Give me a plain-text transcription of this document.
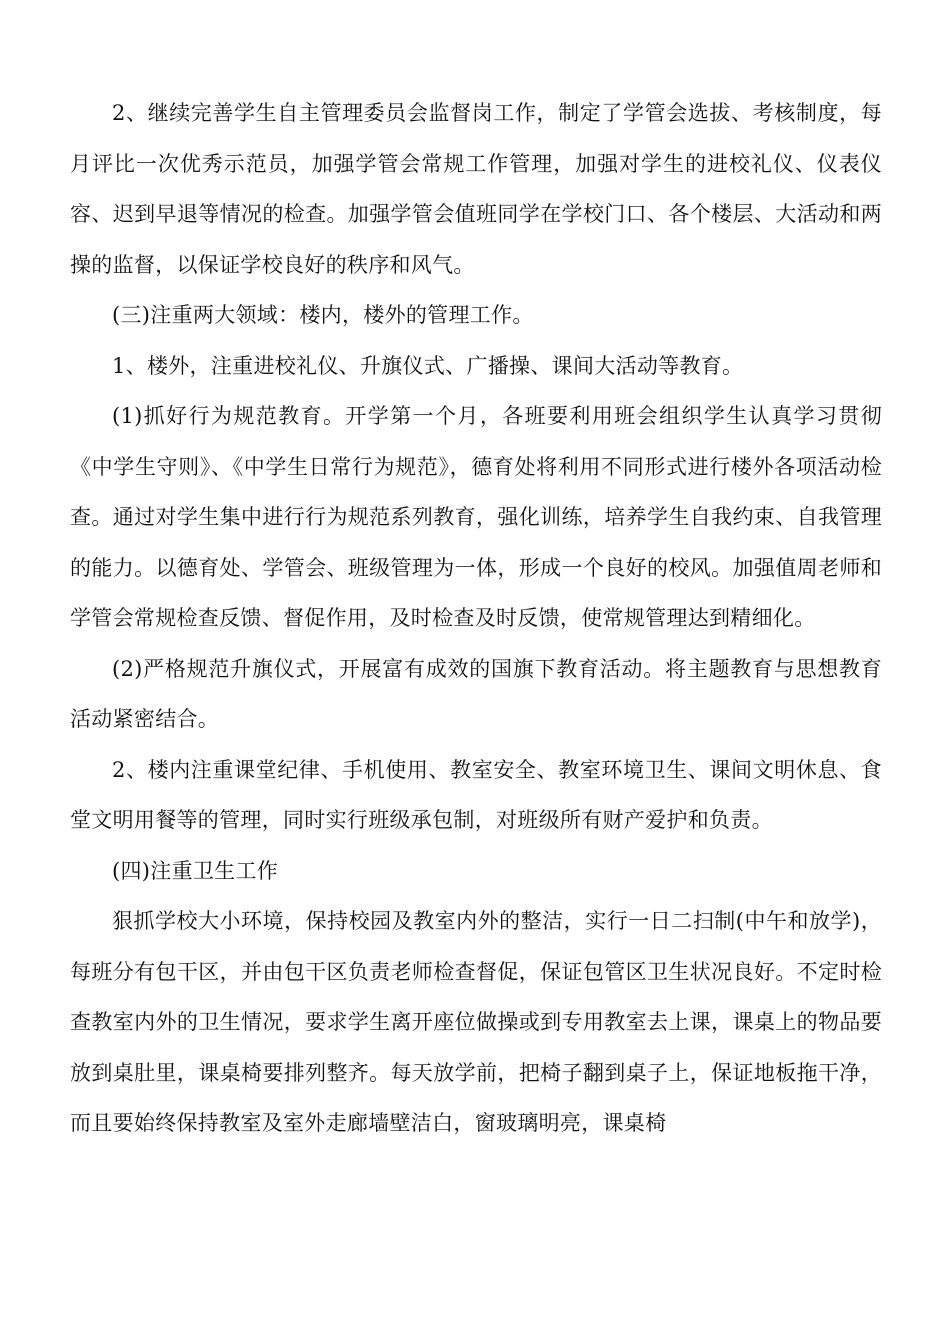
2、继续完善学生自主管理委员会监督岗工作，制定了学管会选拔、考核制度，每月评比一次优秀示范员，加强学管会常规工作管理，加强对学生的进校礼仪、仪表仪容、迟到早退等情况的检查。加强学管会值班同学在学校门口、各个楼层、大活动和两操的监督，以保证学校良好的秩序和风气。

(三)注重两大领域：楼内，楼外的管理工作。

1、楼外，注重进校礼仪、升旗仪式、广播操、课间大活动等教育。

(1)抓好行为规范教育。开学第一个月，各班要利用班会组织学生认真学习贯彻《中学生守则》、《中学生日常行为规范》，德育处将利用不同形式进行楼外各项活动检查。通过对学生集中进行行为规范系列教育，强化训练，培养学生自我约束、自我管理的能力。以德育处、学管会、班级管理为一体，形成一个良好的校风。加强值周老师和学管会常规检查反馈、督促作用，及时检查及时反馈，使常规管理达到精细化。

(2)严格规范升旗仪式，开展富有成效的国旗下教育活动。将主题教育与思想教育活动紧密结合。

2、楼内注重课堂纪律、手机使用、教室安全、教室环境卫生、课间文明休息、食堂文明用餐等的管理，同时实行班级承包制，对班级所有财产爱护和负责。

(四)注重卫生工作

狠抓学校大小环境，保持校园及教室内外的整洁，实行一日二扫制(中午和放学)，每班分有包干区，并由包干区负责老师检查督促，保证包管区卫生状况良好。不定时检查教室内外的卫生情况，要求学生离开座位做操或到专用教室去上课，课桌上的物品要放到桌肚里，课桌椅要排列整齐。每天放学前，把椅子翻到桌子上，保证地板拖干净，而且要始终保持教室及室外走廊墙壁洁白，窗玻璃明亮，课桌椅
